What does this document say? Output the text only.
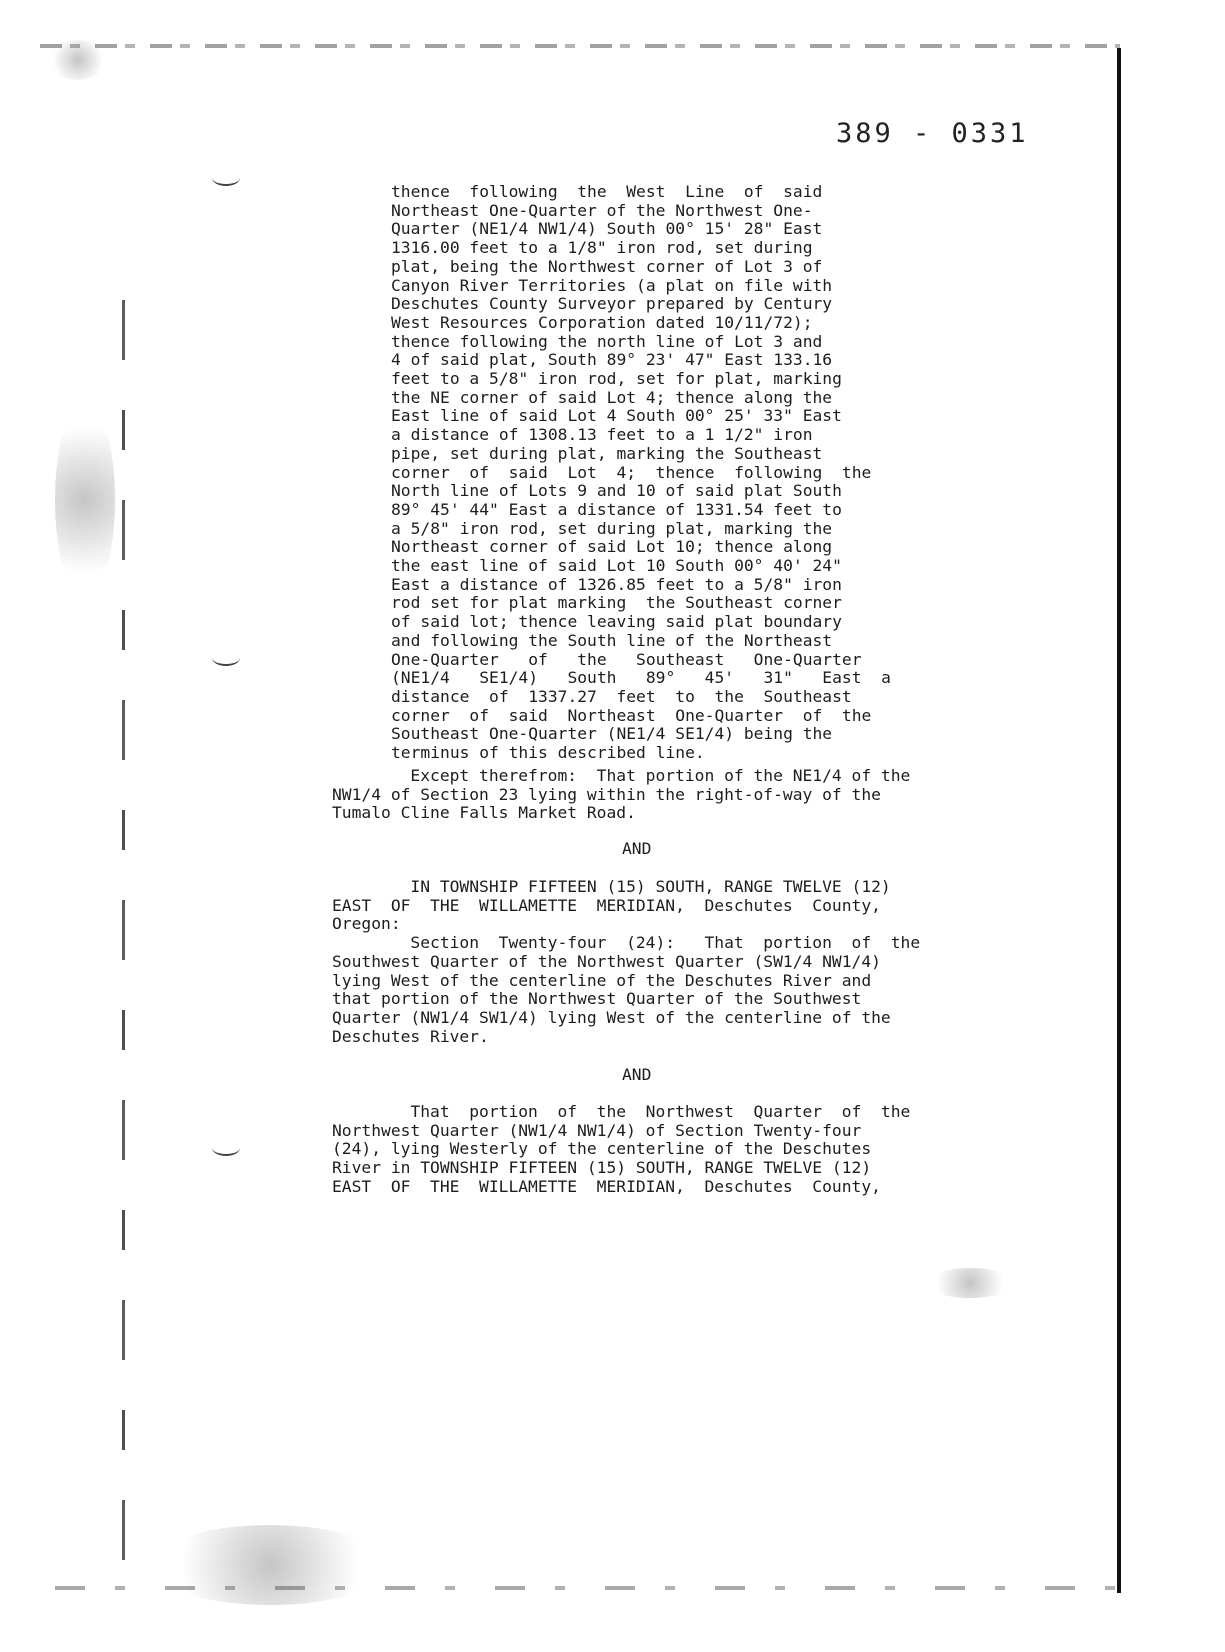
389 - 0331
thence  following  the  West  Line  of  said
Northeast One-Quarter of the Northwest One-
Quarter (NE1/4 NW1/4) South 00° 15' 28" East
1316.00 feet to a 1/8" iron rod, set during
plat, being the Northwest corner of Lot 3 of
Canyon River Territories (a plat on file with
Deschutes County Surveyor prepared by Century
West Resources Corporation dated 10/11/72);
thence following the north line of Lot 3 and
4 of said plat, South 89° 23' 47" East 133.16
feet to a 5/8" iron rod, set for plat, marking
the NE corner of said Lot 4; thence along the
East line of said Lot 4 South 00° 25' 33" East
a distance of 1308.13 feet to a 1 1/2" iron
pipe, set during plat, marking the Southeast
corner  of  said  Lot  4;  thence  following  the
North line of Lots 9 and 10 of said plat South
89° 45' 44" East a distance of 1331.54 feet to
a 5/8" iron rod, set during plat, marking the
Northeast corner of said Lot 10; thence along
the east line of said Lot 10 South 00° 40' 24"
East a distance of 1326.85 feet to a 5/8" iron
rod set for plat marking  the Southeast corner
of said lot; thence leaving said plat boundary
and following the South line of the Northeast
One-Quarter   of   the   Southeast   One-Quarter
(NE1/4   SE1/4)   South   89°   45'   31"   East  a
distance  of  1337.27  feet  to  the  Southeast
corner  of  said  Northeast  One-Quarter  of  the
Southeast One-Quarter (NE1/4 SE1/4) being the
terminus of this described line.
Except therefrom:  That portion of the NE1/4 of the
NW1/4 of Section 23 lying within the right-of-way of the
Tumalo Cline Falls Market Road.
AND
IN TOWNSHIP FIFTEEN (15) SOUTH, RANGE TWELVE (12)
EAST  OF  THE  WILLAMETTE  MERIDIAN,  Deschutes  County,
Oregon:
Section  Twenty-four  (24):   That  portion  of  the
Southwest Quarter of the Northwest Quarter (SW1/4 NW1/4)
lying West of the centerline of the Deschutes River and
that portion of the Northwest Quarter of the Southwest
Quarter (NW1/4 SW1/4) lying West of the centerline of the
Deschutes River.
AND
That  portion  of  the  Northwest  Quarter  of  the
Northwest Quarter (NW1/4 NW1/4) of Section Twenty-four
(24), lying Westerly of the centerline of the Deschutes
River in TOWNSHIP FIFTEEN (15) SOUTH, RANGE TWELVE (12)
EAST  OF  THE  WILLAMETTE  MERIDIAN,  Deschutes  County,
